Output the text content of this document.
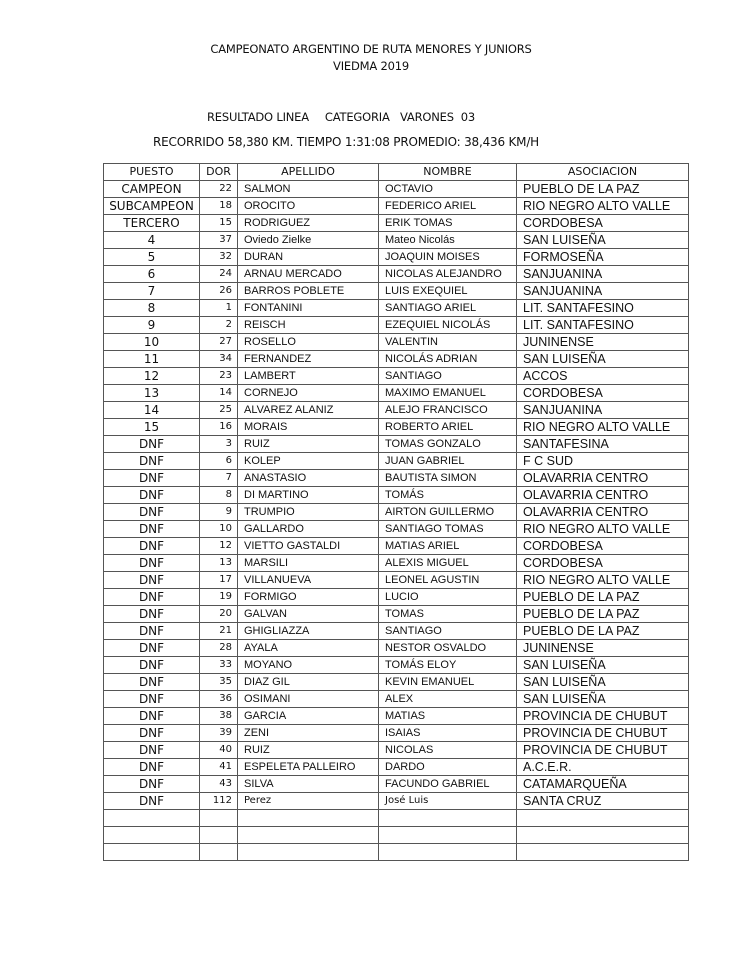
CAMPEONATO ARGENTINO DE RUTA MENORES Y JUNIORS
VIEDMA 2019
RESULTADO LINEA CATEGORIA   VARONES  03
RECORRIDO 58,380 KM. TIEMPO 1:31:08 PROMEDIO: 38,436 KM/H
PUESTO	DOR	APELLIDO	NOMBRE	ASOCIACION
CAMPEON	22	SALMON	OCTAVIO	PUEBLO DE LA PAZ
SUBCAMPEON	18	OROCITO	FEDERICO ARIEL	RIO NEGRO ALTO VALLE
TERCERO	15	RODRIGUEZ	ERIK TOMAS	CORDOBESA
4	37	Oviedo Zielke	Mateo Nicolás	SAN LUISEÑA
5	32	DURAN	JOAQUIN MOISES	FORMOSEÑA
6	24	ARNAU MERCADO	NICOLAS ALEJANDRO	SANJUANINA
7	26	BARROS POBLETE	LUIS EXEQUIEL	SANJUANINA
8	1	FONTANINI	SANTIAGO ARIEL	LIT. SANTAFESINO
9	2	REISCH	EZEQUIEL NICOLÁS	LIT. SANTAFESINO
10	27	ROSELLO	VALENTIN	JUNINENSE
11	34	FERNANDEZ	NICOLÁS ADRIAN	SAN LUISEÑA
12	23	LAMBERT	SANTIAGO	ACCOS
13	14	CORNEJO	MAXIMO EMANUEL	CORDOBESA
14	25	ALVAREZ ALANIZ	ALEJO FRANCISCO	SANJUANINA
15	16	MORAIS	ROBERTO ARIEL	RIO NEGRO ALTO VALLE
DNF	3	RUIZ	TOMAS GONZALO	SANTAFESINA
DNF	6	KOLEP	JUAN GABRIEL	F C SUD
DNF	7	ANASTASIO	BAUTISTA SIMON	OLAVARRIA CENTRO
DNF	8	DI MARTINO	TOMÁS	OLAVARRIA CENTRO
DNF	9	TRUMPIO	AIRTON GUILLERMO	OLAVARRIA CENTRO
DNF	10	GALLARDO	SANTIAGO TOMAS	RIO NEGRO ALTO VALLE
DNF	12	VIETTO GASTALDI	MATIAS ARIEL	CORDOBESA
DNF	13	MARSILI	ALEXIS MIGUEL	CORDOBESA
DNF	17	VILLANUEVA	LEONEL AGUSTIN	RIO NEGRO ALTO VALLE
DNF	19	FORMIGO	LUCIO	PUEBLO DE LA PAZ
DNF	20	GALVAN	TOMAS	PUEBLO DE LA PAZ
DNF	21	GHIGLIAZZA	SANTIAGO	PUEBLO DE LA PAZ
DNF	28	AYALA	NESTOR OSVALDO	JUNINENSE
DNF	33	MOYANO	TOMÁS ELOY	SAN LUISEÑA
DNF	35	DIAZ GIL	KEVIN EMANUEL	SAN LUISEÑA
DNF	36	OSIMANI	ALEX	SAN LUISEÑA
DNF	38	GARCIA	MATIAS	PROVINCIA DE CHUBUT
DNF	39	ZENI	ISAIAS	PROVINCIA DE CHUBUT
DNF	40	RUIZ	NICOLAS	PROVINCIA DE CHUBUT
DNF	41	ESPELETA PALLEIRO	DARDO	A.C.E.R.
DNF	43	SILVA	FACUNDO GABRIEL	CATAMARQUEÑA
DNF	112	Perez	José Luis	SANTA CRUZ
